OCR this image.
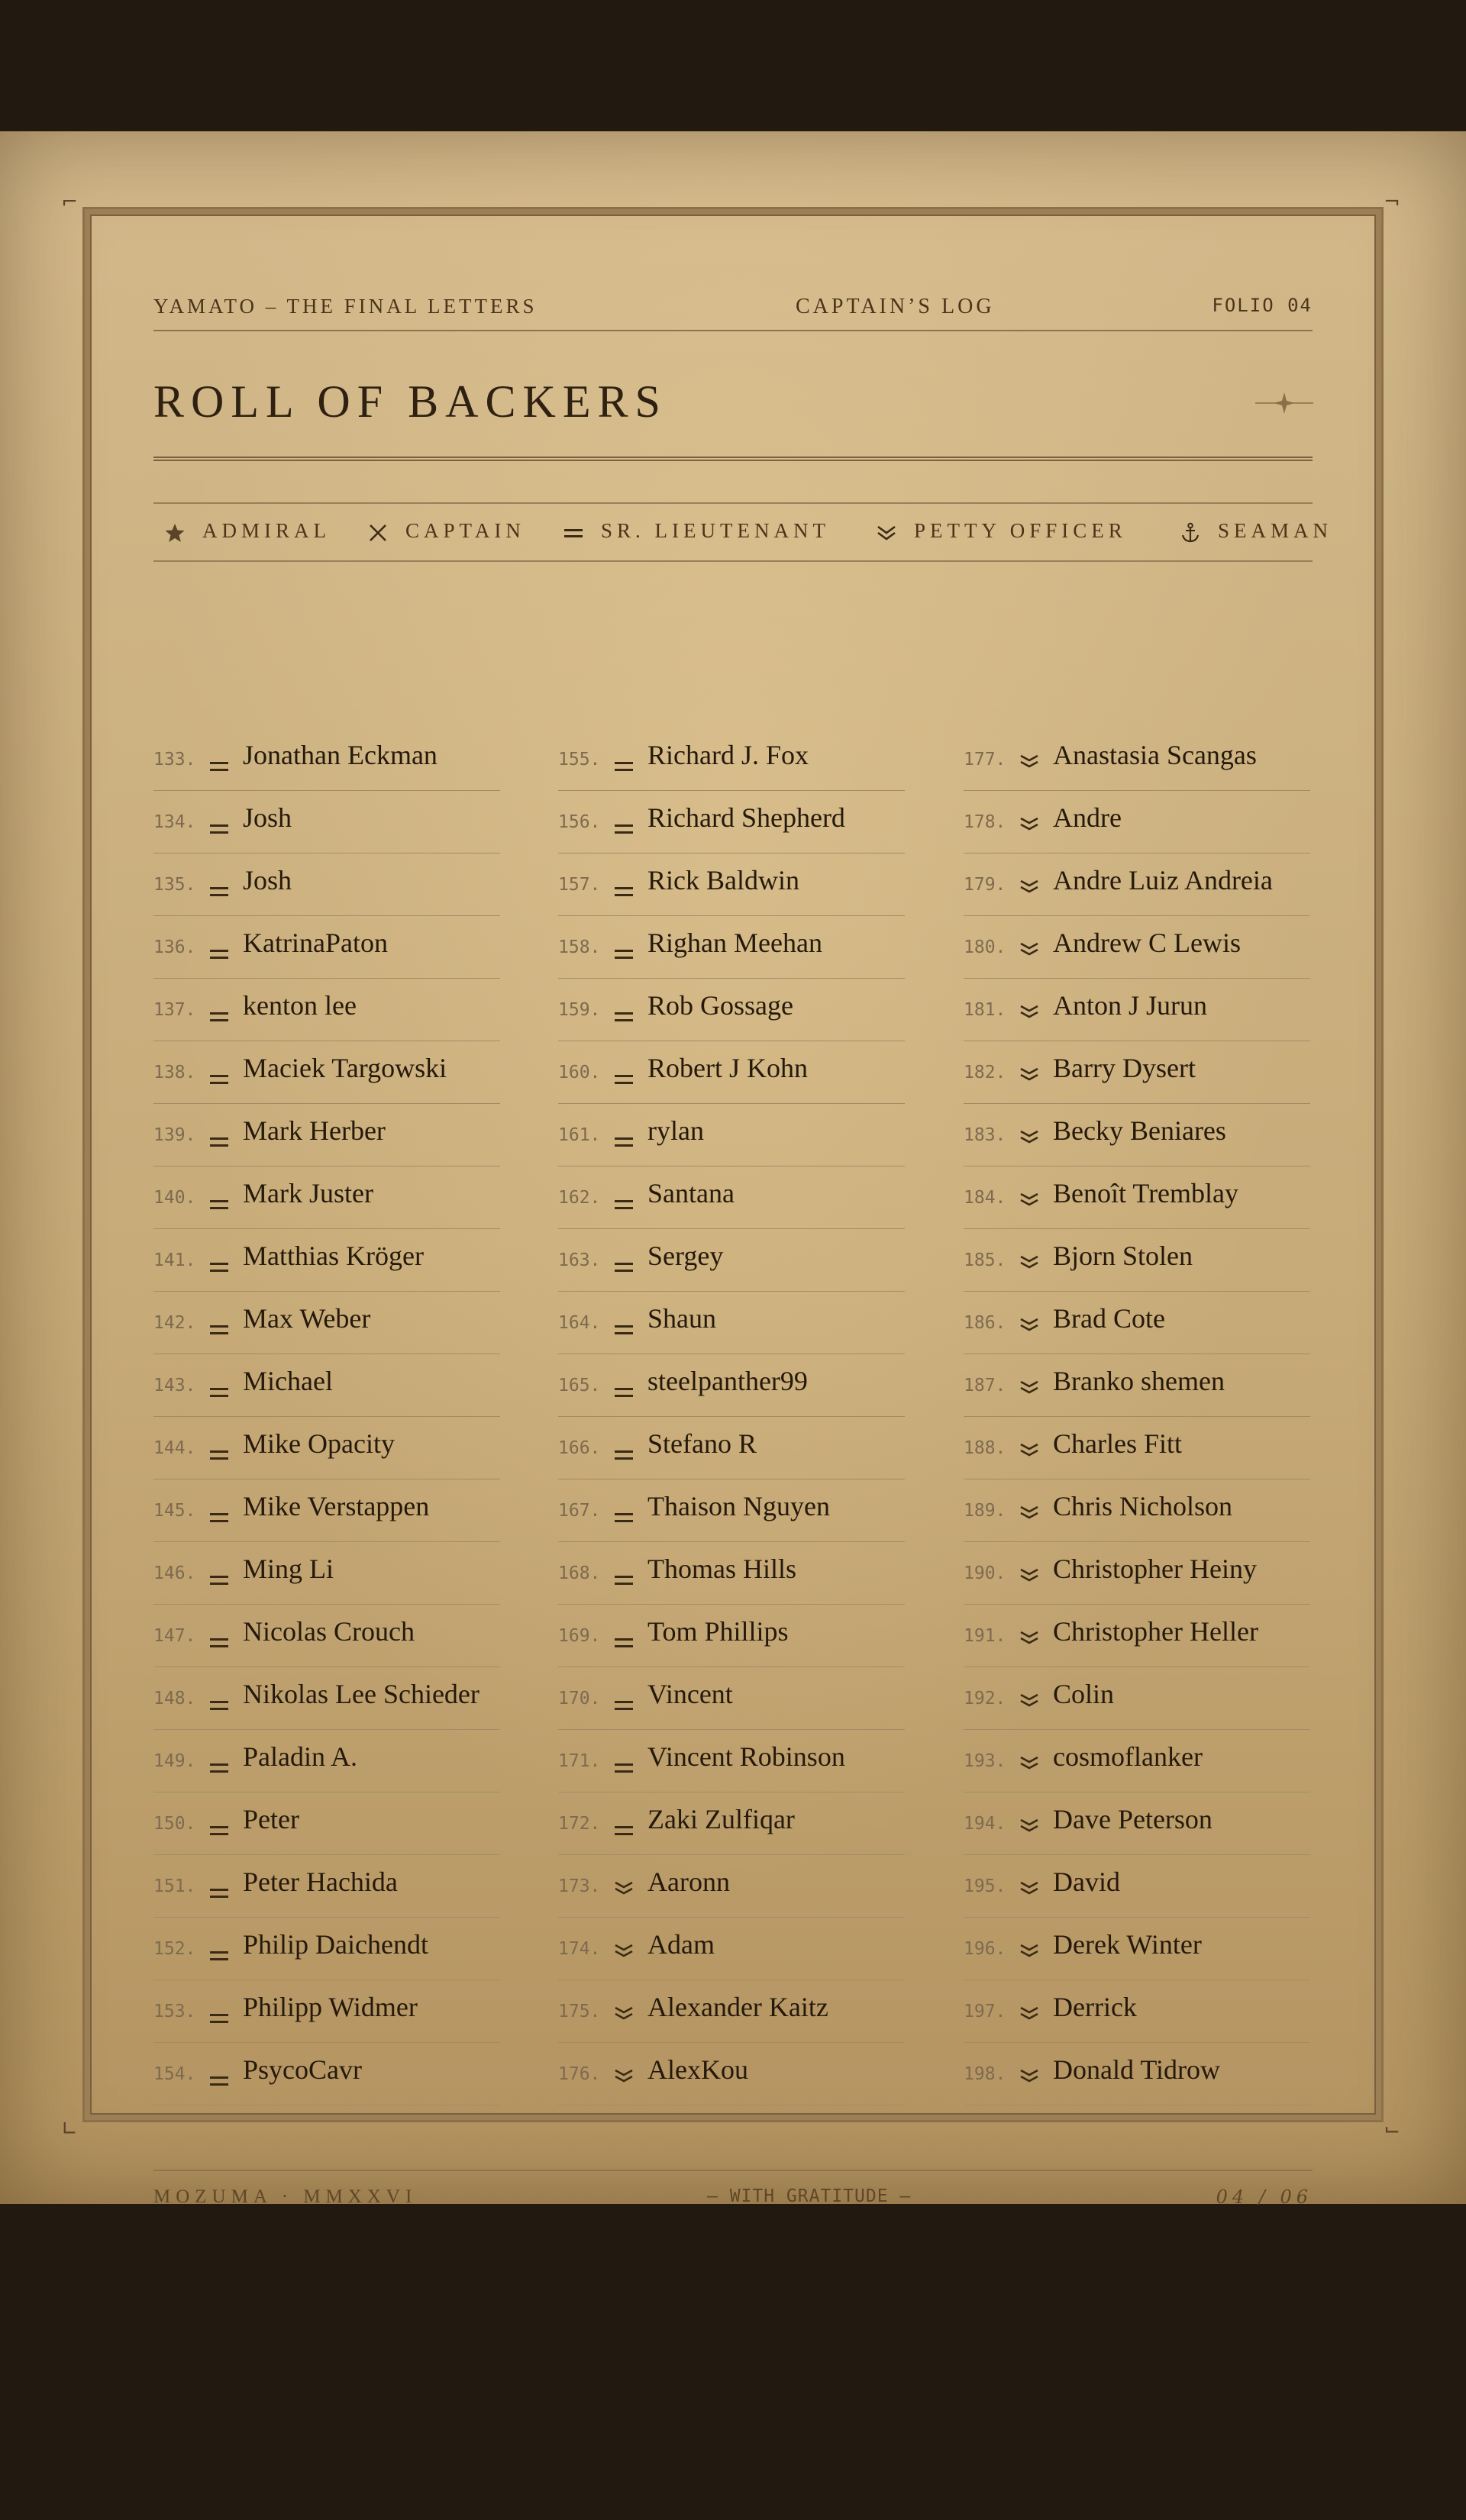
⌐	¬
∟	⌙
YAMATO – THE FINAL LETTERS	CAPTAIN’S LOG	FOLIO 04
ROLL OF BACKERS
ADMIRAL	CAPTAIN	SR. LIEUTENANT	PETTY OFFICER	SEAMAN
133. Jonathan Eckman
134. Josh
135. Josh
136. KatrinaPaton
137. kenton lee
138. Maciek Targowski
139. Mark Herber
140. Mark Juster
141. Matthias Kröger
142. Max Weber
143. Michael
144. Mike Opacity
145. Mike Verstappen
146. Ming Li
147. Nicolas Crouch
148. Nikolas Lee Schieder
149. Paladin A.
150. Peter
151. Peter Hachida
152. Philip Daichendt
153. Philipp Widmer
154. PsycoCavr
155. Richard J. Fox
156. Richard Shepherd
157. Rick Baldwin
158. Righan Meehan
159. Rob Gossage
160. Robert J Kohn
161. rylan
162. Santana
163. Sergey
164. Shaun
165. steelpanther99
166. Stefano R
167. Thaison Nguyen
168. Thomas Hills
169. Tom Phillips
170. Vincent
171. Vincent Robinson
172. Zaki Zulfiqar
173. Aaronn
174. Adam
175. Alexander Kaitz
176. AlexKou
177. Anastasia Scangas
178. Andre
179. Andre Luiz Andreia
180. Andrew C Lewis
181. Anton J Jurun
182. Barry Dysert
183. Becky Beniares
184. Benoît Tremblay
185. Bjorn Stolen
186. Brad Cote
187. Branko shemen
188. Charles Fitt
189. Chris Nicholson
190. Christopher Heiny
191. Christopher Heller
192. Colin
193. cosmoflanker
194. Dave Peterson
195. David
196. Derek Winter
197. Derrick
198. Donald Tidrow
MOZUMA · MMXXVI	— WITH GRATITUDE —	04 / 06
